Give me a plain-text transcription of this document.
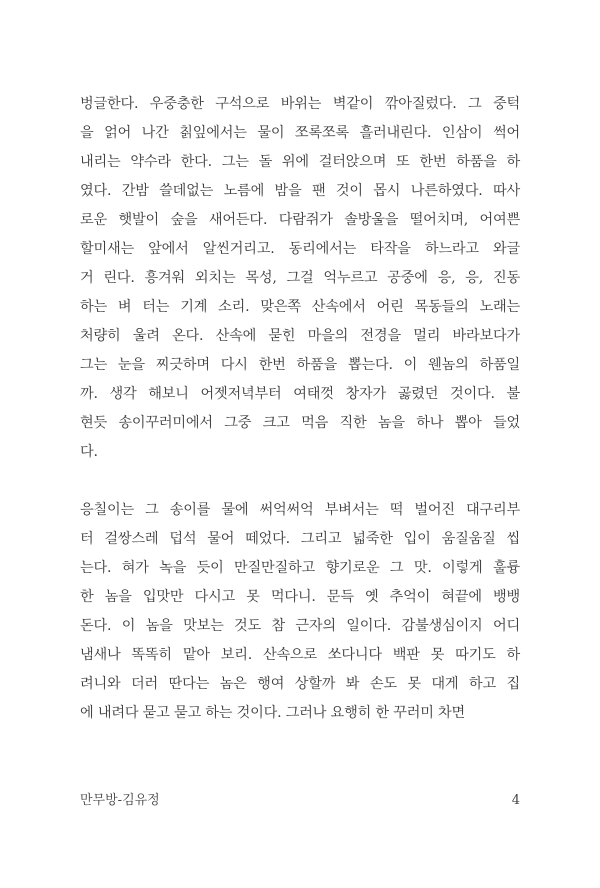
벙글한다. 우중충한 구석으로 바위는 벽같이 깎아질렀다. 그 중턱
을 얽어 나간 칡잎에서는 물이 쪼록쪼록 흘러내린다. 인삼이 썩어
내리는 약수라 한다. 그는 돌 위에 걸터앉으며 또 한번 하품을 하
였다. 간밤 쓸데없는 노름에 밤을 팬 것이 몹시 나른하였다. 따사
로운 햇발이 숲을 새어든다. 다람쥐가 솔방울을 떨어치며, 어여쁜
할미새는 앞에서 알씬거리고. 동리에서는 타작을 하느라고 와글
거 린다. 흥겨워 외치는 목성, 그걸 억누르고 공중에 응, 응, 진동
하는 벼 터는 기계 소리. 맞은쪽 산속에서 어린 목동들의 노래는
처량히 울려 온다. 산속에 묻힌 마을의 전경을 멀리 바라보다가
그는 눈을 찌긋하며 다시 한번 하품을 뽑는다. 이 웬놈의 하품일
까. 생각 해보니 어젯저녁부터 여태껏 창자가 곯렸던 것이다. 불
현듯 송이꾸러미에서 그중 크고 먹음 직한 놈을 하나 뽑아 들었
다.
응칠이는 그 송이를 물에 써억써억 부벼서는 떡 벌어진 대구리부
터 걸쌍스레 덥석 물어 떼었다. 그리고 넓죽한 입이 움질움질 씹
는다. 혀가 녹을 듯이 만질만질하고 향기로운 그 맛. 이렇게 훌륭
한 놈을 입맛만 다시고 못 먹다니. 문득 옛 추억이 혀끝에 뱅뱅
돈다. 이 놈을 맛보는 것도 참 근자의 일이다. 감불생심이지 어디
냄새나 똑똑히 맡아 보리. 산속으로 쏘다니다 백판 못 따기도 하
려니와 더러 딴다는 놈은 행여 상할까 봐 손도 못 대게 하고 집
에 내려다 묻고 묻고 하는 것이다. 그러나 요행히 한 꾸러미 차면
만무방-김유정	4
